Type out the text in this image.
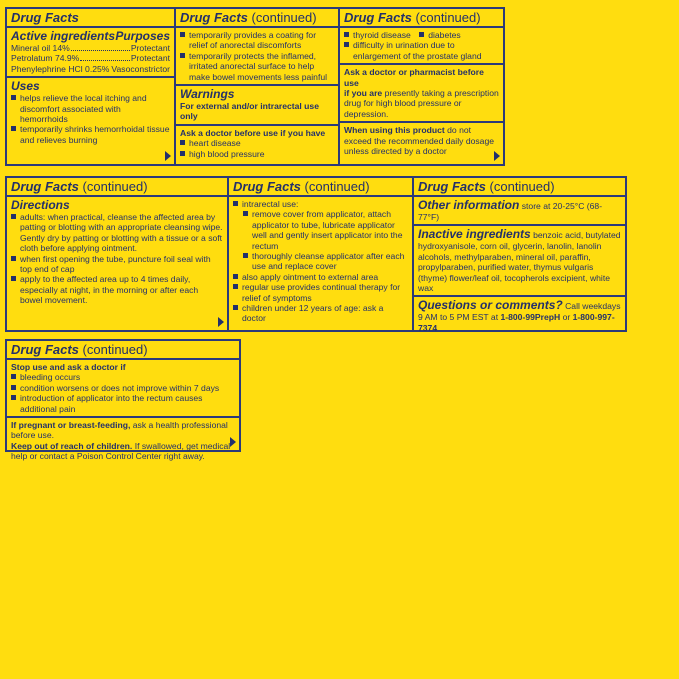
Drug Facts
Active ingredients Purposes
Mineral oil 14%	Protectant
Petrolatum 74.9%	Protectant
Phenylephrine HCl 0.25% Vasoconstrictor
Uses
helps relieve the local itching and discomfort associated with hemorrhoids
temporarily shrinks hemorrhoidal tissue and relieves burning
Drug Facts (continued)
temporarily provides a coating for relief of anorectal discomforts
temporarily protects the inflamed, irritated anorectal surface to help make bowel movements less painful
Warnings
For external and/or intrarectal use only
Ask a doctor before use if you have
heart disease high blood pressure
Drug Facts (continued)
thyroid disease diabetes
difficulty in urination due to enlargement of the prostate gland
Ask a doctor or pharmacist before use
if you are presently taking a prescription drug for high blood pressure or depression.
When using this product do not exceed the recommended daily dosage unless directed by a doctor
Drug Facts (continued)
Directions
adults: when practical, cleanse the affected area by patting or blotting with an appropriate cleansing wipe. Gently dry by patting or blotting with a tissue or a soft cloth before applying ointment.
when first opening the tube, puncture foil seal with top end of cap
apply to the affected area up to 4 times daily, especially at night, in the morning or after each bowel movement.
Drug Facts (continued)
intrarectal use:
remove cover from applicator, attach applicator to tube, lubricate applicator well and gently insert applicator into the rectum
thoroughly cleanse applicator after each use and replace cover
also apply ointment to external area
regular use provides continual therapy for relief of symptoms
children under 12 years of age: ask a doctor
Drug Facts (continued)
Other information store at 20-25°C (68-77°F)
Inactive ingredients benzoic acid, butylated hydroxyanisole, corn oil, glycerin, lanolin, lanolin alcohols, methylparaben, mineral oil, paraffin, propylparaben, purified water, thymus vulgaris (thyme) flower/leaf oil, tocopherols excipient, white wax
Questions or comments? Call weekdays 9 AM to 5 PM EST at 1-800-99PrepH or 1-800-997-7374
Drug Facts (continued)
Stop use and ask a doctor if
bleeding occurs
condition worsens or does not improve within 7 days
introduction of applicator into the rectum causes additional pain
If pregnant or breast-feeding, ask a health professional before use.
Keep out of reach of children. If swallowed, get medical help or contact a Poison Control Center right away.
